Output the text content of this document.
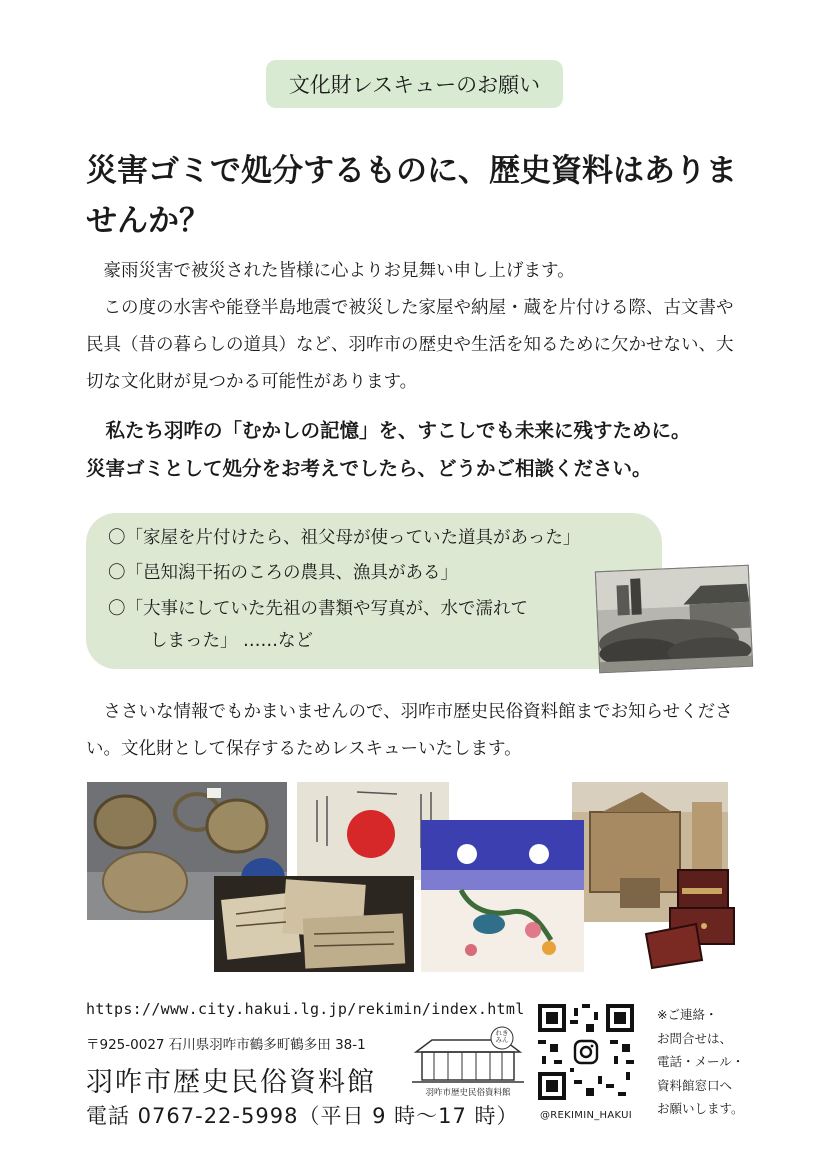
文化財レスキューのお願い
災害ゴミで処分するものに、歴史資料はありませんか？
豪雨災害で被災された皆様に心よりお見舞い申し上げます。
この度の水害や能登半島地震で被災した家屋や納屋・蔵を片付ける際、古文書や民具（昔の暮らしの道具）など、羽咋市の歴史や生活を知るために欠かせない、大切な文化財が見つかる可能性があります。
私たち羽咋の「むかしの記憶」を、すこしでも未来に残すために。
災害ゴミとして処分をお考えでしたら、どうかご相談ください。
〇「家屋を片付けたら、祖父母が使っていた道具があった」
〇「邑知潟干拓のころの農具、漁具がある」
〇「大事にしていた先祖の書類や写真が、水で濡れて
しまった」 ……など
ささいな情報でもかまいませんので、羽咋市歴史民俗資料館までお知らせください。文化財として保存するためレスキューいたします。
https://www.city.hakui.lg.jp/rekimin/index.html
〒925-0027 石川県羽咋市鶴多町鶴多田 38-1
羽咋市歴史民俗資料館
電話 0767-22-5998（平日 9 時～17 時）
れき みん
羽咋市歴史民俗資料館
@REKIMIN_HAKUI
※ご連絡・
お問合せは、
電話・メール・
資料館窓口へ
お願いします。
